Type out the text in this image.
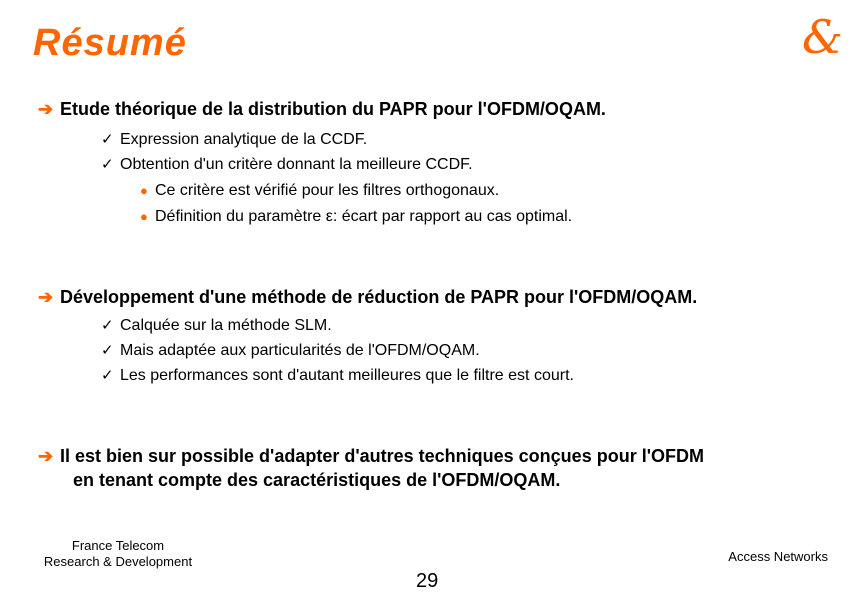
Résumé	&
➔ Etude théorique de la distribution du PAPR pour l'OFDM/OQAM.
✓ Expression analytique de la CCDF.
✓ Obtention d'un critère donnant la meilleure CCDF.
● Ce critère est vérifié pour les filtres orthogonaux.
● Définition du paramètre ε: écart par rapport au cas optimal.
➔ Développement d'une méthode de réduction de PAPR pour l'OFDM/OQAM.
✓ Calquée sur la méthode SLM.
✓ Mais adaptée aux particularités de l'OFDM/OQAM.
✓ Les performances sont d'autant meilleures que le filtre est court.
➔ Il est bien sur possible d'adapter d'autres techniques conçues pour l'OFDM
en tenant compte des caractéristiques de l'OFDM/OQAM.
France Telecom
Research & Development	Access Networks
29
